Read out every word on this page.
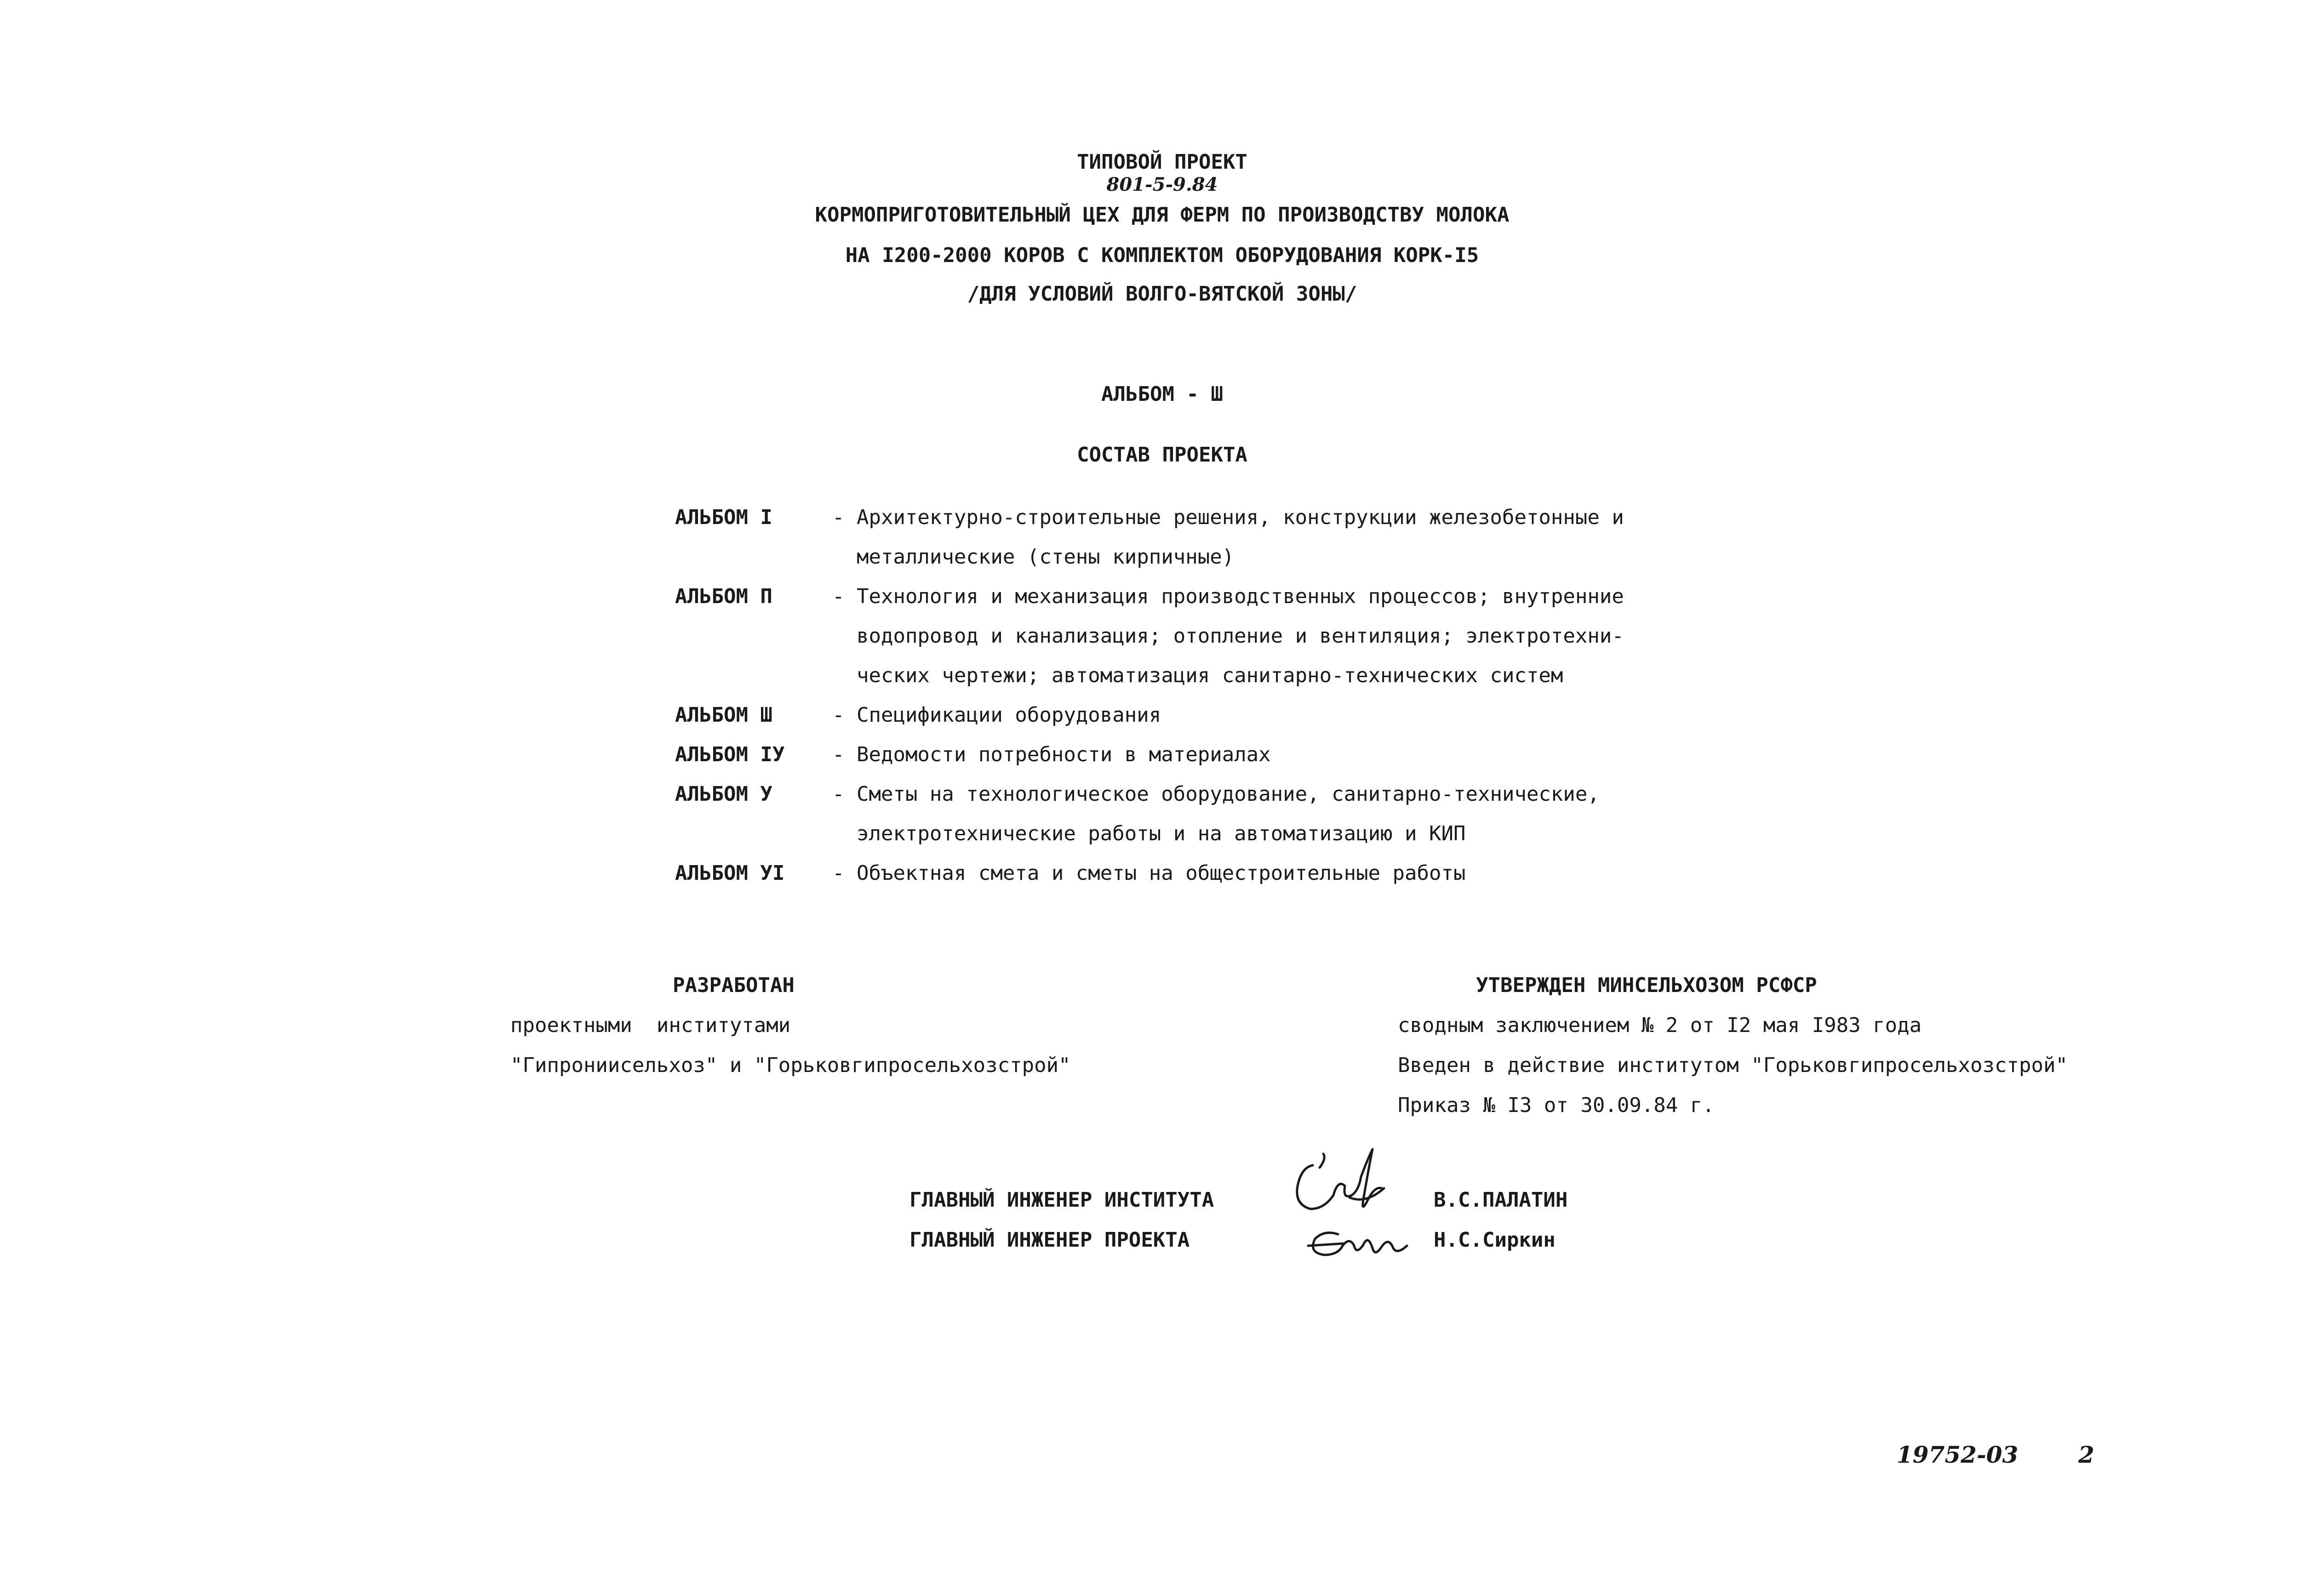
ТИПОВОЙ ПРОЕКТ
801-5-9.84
КОРМОПРИГОТОВИТЕЛЬНЫЙ ЦЕХ ДЛЯ ФЕРМ ПО ПРОИЗВОДСТВУ МОЛОКА
НА I200-2000 КОРОВ С КОМПЛЕКТОМ ОБОРУДОВАНИЯ КОРК-I5
/ДЛЯ УСЛОВИЙ ВОЛГО-ВЯТСКОЙ ЗОНЫ/
АЛЬБОМ - Ш
СОСТАВ ПРОЕКТА
АЛЬБОМ I	- Архитектурно-строительные решения, конструкции железобетонные и
металлические (стены кирпичные)
АЛЬБОМ П	- Технология и механизация производственных процессов; внутренние
водопровод и канализация; отопление и вентиляция; электротехни-
ческих чертежи; автоматизация санитарно-технических систем
АЛЬБОМ Ш	- Спецификации оборудования
АЛЬБОМ IУ - Ведомости потребности в материалах
АЛЬБОМ У	- Сметы на технологическое оборудование, санитарно-технические,
электротехнические работы и на автоматизацию и КИП
АЛЬБОМ УI - Объектная смета и сметы на общестроительные работы
РАЗРАБОТАН
проектными  институтами
"Гипрониисельхоз" и "Горьковгипросельхозстрой"
УТВЕРЖДЕН МИНСЕЛЬХОЗОМ РСФСР
сводным заключением № 2 от I2 мая I983 года
Введен в действие институтом "Горьковгипросельхозстрой"
Приказ № I3 от 30.09.84 г.
ГЛАВНЫЙ ИНЖЕНЕР ИНСТИТУТА	В.С.ПАЛАТИН
ГЛАВНЫЙ ИНЖЕНЕР ПРОЕКТА	Н.С.Сиркин
19752-03	2
